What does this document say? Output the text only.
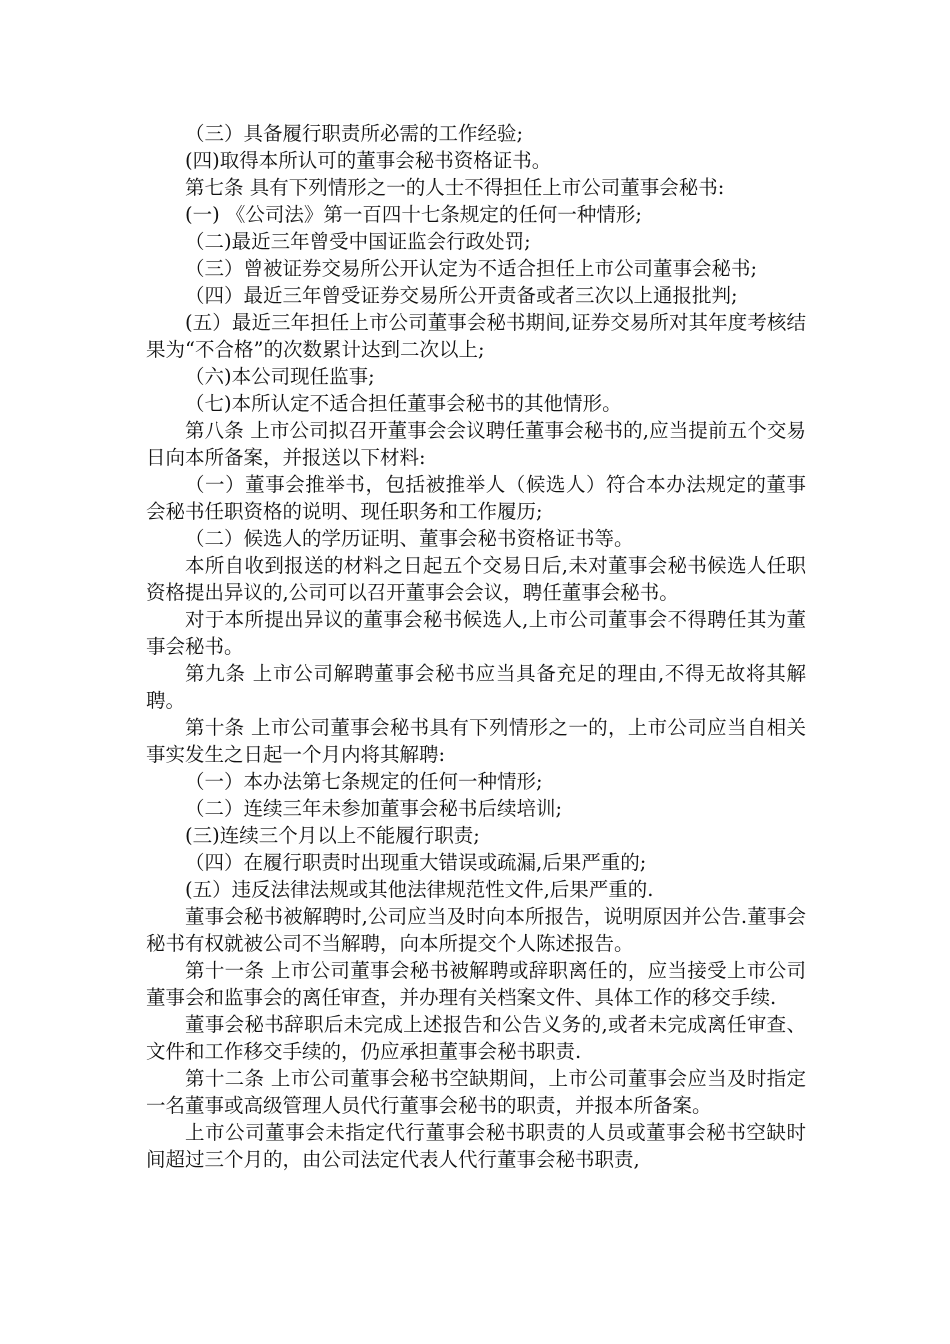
（三）具备履行职责所必需的工作经验;

(四)取得本所认可的董事会秘书资格证书。

第七条 具有下列情形之一的人士不得担任上市公司董事会秘书:

(一) 《公司法》第一百四十七条规定的任何一种情形;

（二)最近三年曾受中国证监会行政处罚;

（三）曾被证券交易所公开认定为不适合担任上市公司董事会秘书;

（四）最近三年曾受证券交易所公开责备或者三次以上通报批判;

(五）最近三年担任上市公司董事会秘书期间,证券交易所对其年度考核结果为“不合格”的次数累计达到二次以上;

（六)本公司现任监事;

（七)本所认定不适合担任董事会秘书的其他情形。

第八条 上市公司拟召开董事会会议聘任董事会秘书的,应当提前五个交易日向本所备案，并报送以下材料:

（一）董事会推举书，包括被推举人（候选人）符合本办法规定的董事会秘书任职资格的说明、现任职务和工作履历;

（二）候选人的学历证明、董事会秘书资格证书等。

本所自收到报送的材料之日起五个交易日后,未对董事会秘书候选人任职资格提出异议的,公司可以召开董事会会议，聘任董事会秘书。

对于本所提出异议的董事会秘书候选人,上市公司董事会不得聘任其为董事会秘书。

第九条 上市公司解聘董事会秘书应当具备充足的理由,不得无故将其解聘。

第十条 上市公司董事会秘书具有下列情形之一的，上市公司应当自相关事实发生之日起一个月内将其解聘:

（一）本办法第七条规定的任何一种情形;

（二）连续三年未参加董事会秘书后续培训;

(三)连续三个月以上不能履行职责;

（四）在履行职责时出现重大错误或疏漏,后果严重的;

(五）违反法律法规或其他法律规范性文件,后果严重的.

董事会秘书被解聘时,公司应当及时向本所报告，说明原因并公告.董事会秘书有权就被公司不当解聘，向本所提交个人陈述报告。

第十一条 上市公司董事会秘书被解聘或辞职离任的，应当接受上市公司董事会和监事会的离任审查，并办理有关档案文件、具体工作的移交手续.

董事会秘书辞职后未完成上述报告和公告义务的,或者未完成离任审查、文件和工作移交手续的，仍应承担董事会秘书职责.

第十二条 上市公司董事会秘书空缺期间，上市公司董事会应当及时指定一名董事或高级管理人员代行董事会秘书的职责，并报本所备案。

上市公司董事会未指定代行董事会秘书职责的人员或董事会秘书空缺时间超过三个月的，由公司法定代表人代行董事会秘书职责,
